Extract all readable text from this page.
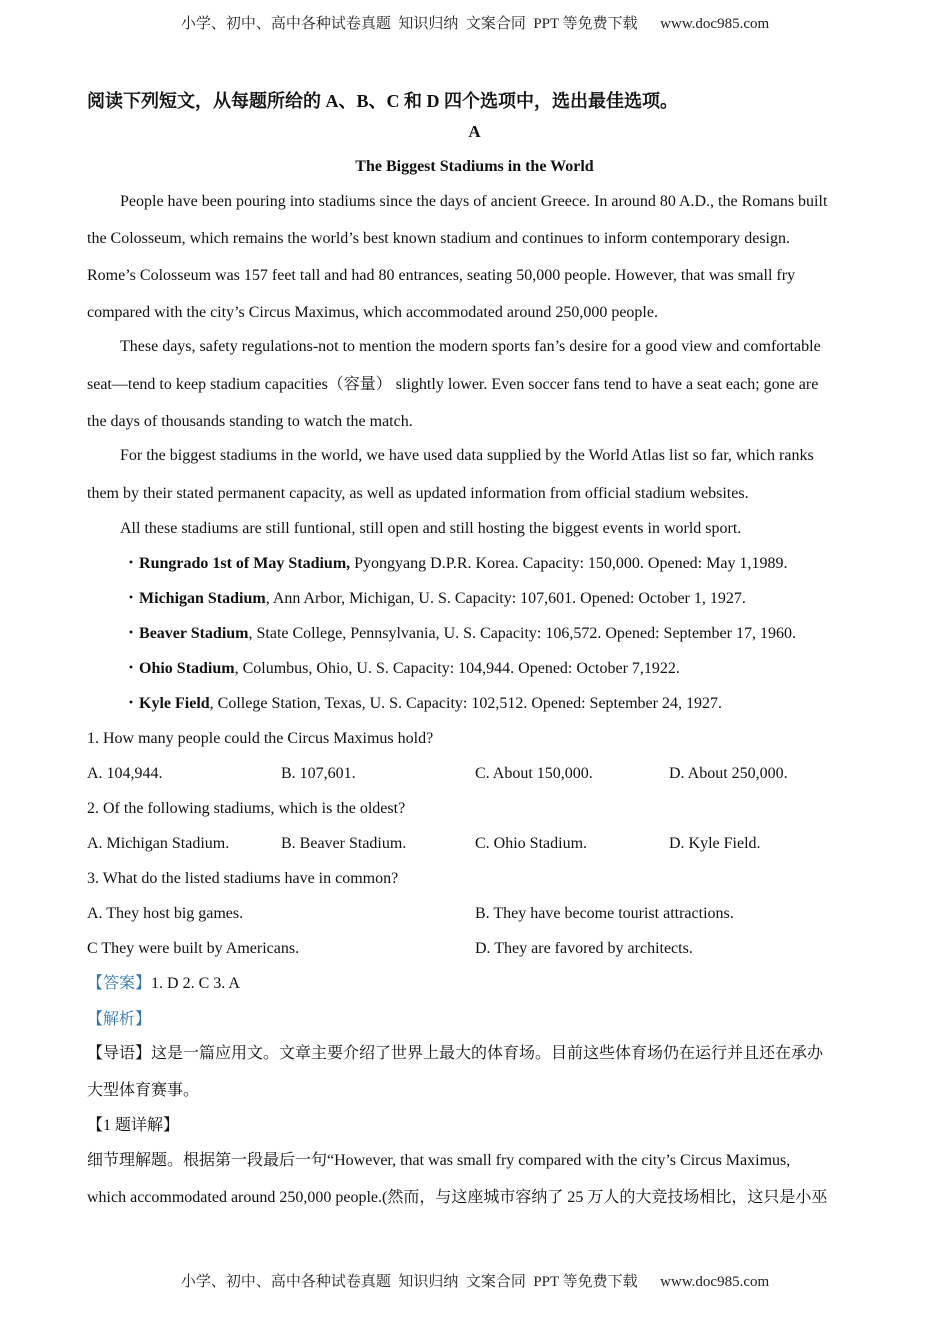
小学、初中、高中各种试卷真题  知识归纳  文案合同  PPT 等免费下载      www.doc985.com

阅读下列短文，从每题所给的 A、B、C 和 D 四个选项中，选出最佳选项。

A

The Biggest Stadiums in the World

People have been pouring into stadiums since the days of ancient Greece. In around 80 A.D., the Romans built

the Colosseum, which remains the world’s best known stadium and continues to inform contemporary design.

Rome’s Colosseum was 157 feet tall and had 80 entrances, seating 50,000 people. However, that was small fry

compared with the city’s Circus Maximus, which accommodated around 250,000 people.

These days, safety regulations-not to mention the modern sports fan’s desire for a good view and comfortable

seat—tend to keep stadium capacities（容量） slightly lower. Even soccer fans tend to have a seat each; gone are

the days of thousands standing to watch the match.

For the biggest stadiums in the world, we have used data supplied by the World Atlas list so far, which ranks

them by their stated permanent capacity, as well as updated information from official stadium websites.

All these stadiums are still funtional, still open and still hosting the biggest events in world sport.

・Rungrado 1st of May Stadium, Pyongyang D.P.R. Korea. Capacity: 150,000. Opened: May 1,1989.

・Michigan Stadium, Ann Arbor, Michigan, U. S. Capacity: 107,601. Opened: October 1, 1927.

・Beaver Stadium, State College, Pennsylvania, U. S. Capacity: 106,572. Opened: September 17, 1960.

・Ohio Stadium, Columbus, Ohio, U. S. Capacity: 104,944. Opened: October 7,1922.

・Kyle Field, College Station, Texas, U. S. Capacity: 102,512. Opened: September 24, 1927.

1. How many people could the Circus Maximus hold?

A. 104,944.	B. 107,601.	C. About 150,000.	D. About 250,000.

2. Of the following stadiums, which is the oldest?

A. Michigan Stadium.	B. Beaver Stadium.	C. Ohio Stadium.	D. Kyle Field.

3. What do the listed stadiums have in common?

A. They host big games.	B. They have become tourist attractions.
C They were built by Americans.	D. They are favored by architects.

【答案】1. D 2. C 3. A

【解析】

【导语】这是一篇应用文。文章主要介绍了世界上最大的体育场。目前这些体育场仍在运行并且还在承办

大型体育赛事。

【1 题详解】

细节理解题。根据第一段最后一句“However, that was small fry compared with the city’s Circus Maximus,

which accommodated around 250,000 people.(然而，与这座城市容纳了 25 万人的大竞技场相比，这只是小巫

小学、初中、高中各种试卷真题  知识归纳  文案合同  PPT 等免费下载      www.doc985.com
